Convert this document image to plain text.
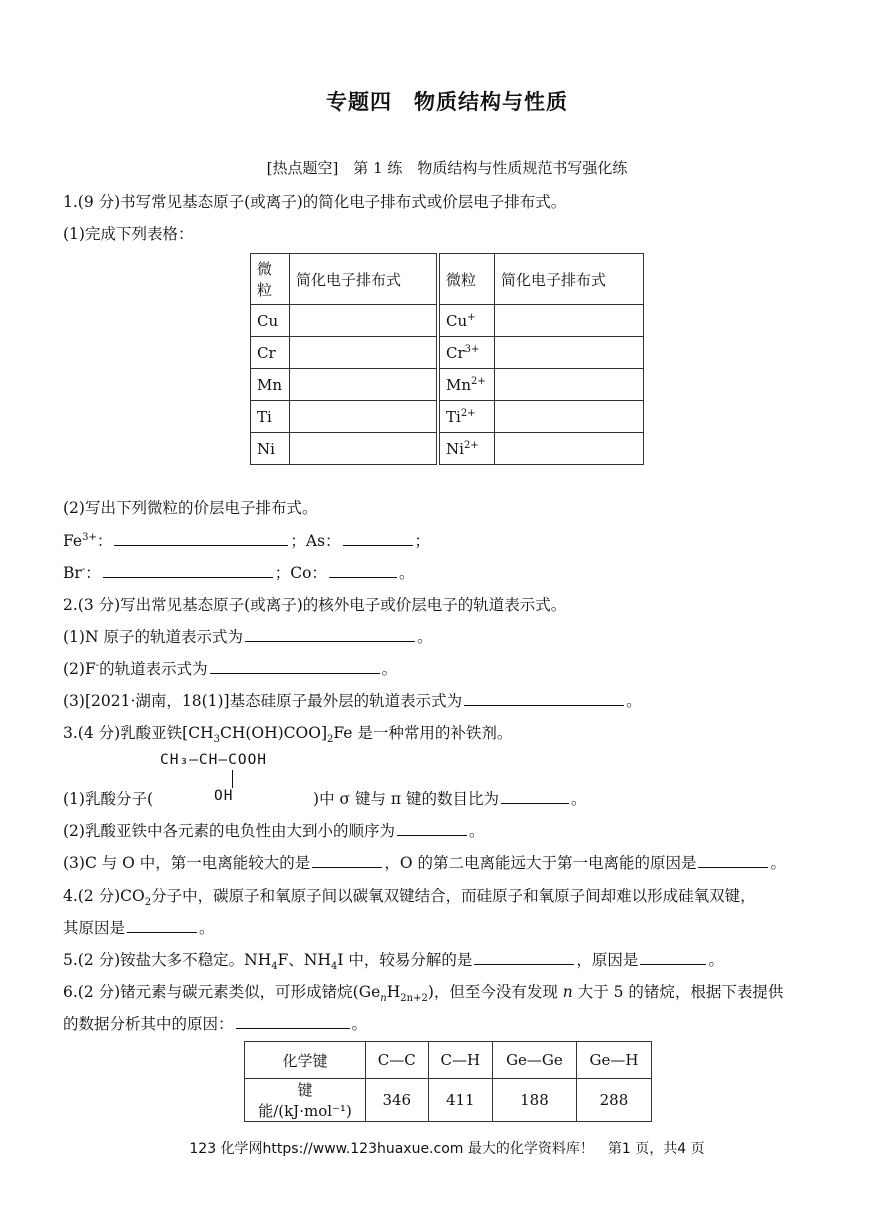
专题四　物质结构与性质
[热点题空]　第 1 练　物质结构与性质规范书写强化练
1.(9 分)书写常见基态原子(或离子)的简化电子排布式或价层电子排布式。
(1)完成下列表格：
微粒	简化电子排布式	微粒	简化电子排布式
Cu		Cu+	
Cr		$Cr^{3+}$	
Mn		$Mn^{2+}$	
Ti		$Ti^{2+}$	
Ni		$Ni^{2+}$	
(2)写出下列微粒的价层电子排布式。
$Fe^{3+}$：	；As：	；
Br-：	；Co：	。
2.(3 分)写出常见基态原子(或离子)的核外电子或价层电子的轨道表示式。
(1)N 原子的轨道表示式为	。
(2)F-的轨道表示式为	。
(3)[2021·湖南，18(1)]基态硅原子最外层的轨道表示式为	。
3.(4 分)乳酸亚铁$[CH_3CH(OH)COO]_2Fe$ 是一种常用的补铁剂。
CH₃—CH—COOH
OH
(1)乳酸分子(	)中 σ 键与 π 键的数目比为	。
(2)乳酸亚铁中各元素的电负性由大到小的顺序为	。
(3)C 与 O 中，第一电离能较大的是	，O 的第二电离能远大于第一电离能的原因是	。
4.(2 分)$CO_2$分子中，碳原子和氧原子间以碳氧双键结合，而硅原子和氧原子间却难以形成硅氧双键，
其原因是	。
5.(2 分)铵盐大多不稳定。$NH_4F$、$NH_4I$ 中，较易分解的是	，原因是	。
6.(2 分)锗元素与碳元素类似，可形成锗烷$(Ge_nH_{2n+2})$，但至今没有发现 n 大于 5 的锗烷，根据下表提供
的数据分析其中的原因：	。
化学键	C—C	C—H	Ge—Ge	Ge—H
键能/(kJ·mol⁻¹)	346	411	188	288
123 化学网https://www.123huaxue.com 最大的化学资料库！　第1 页，共4 页
